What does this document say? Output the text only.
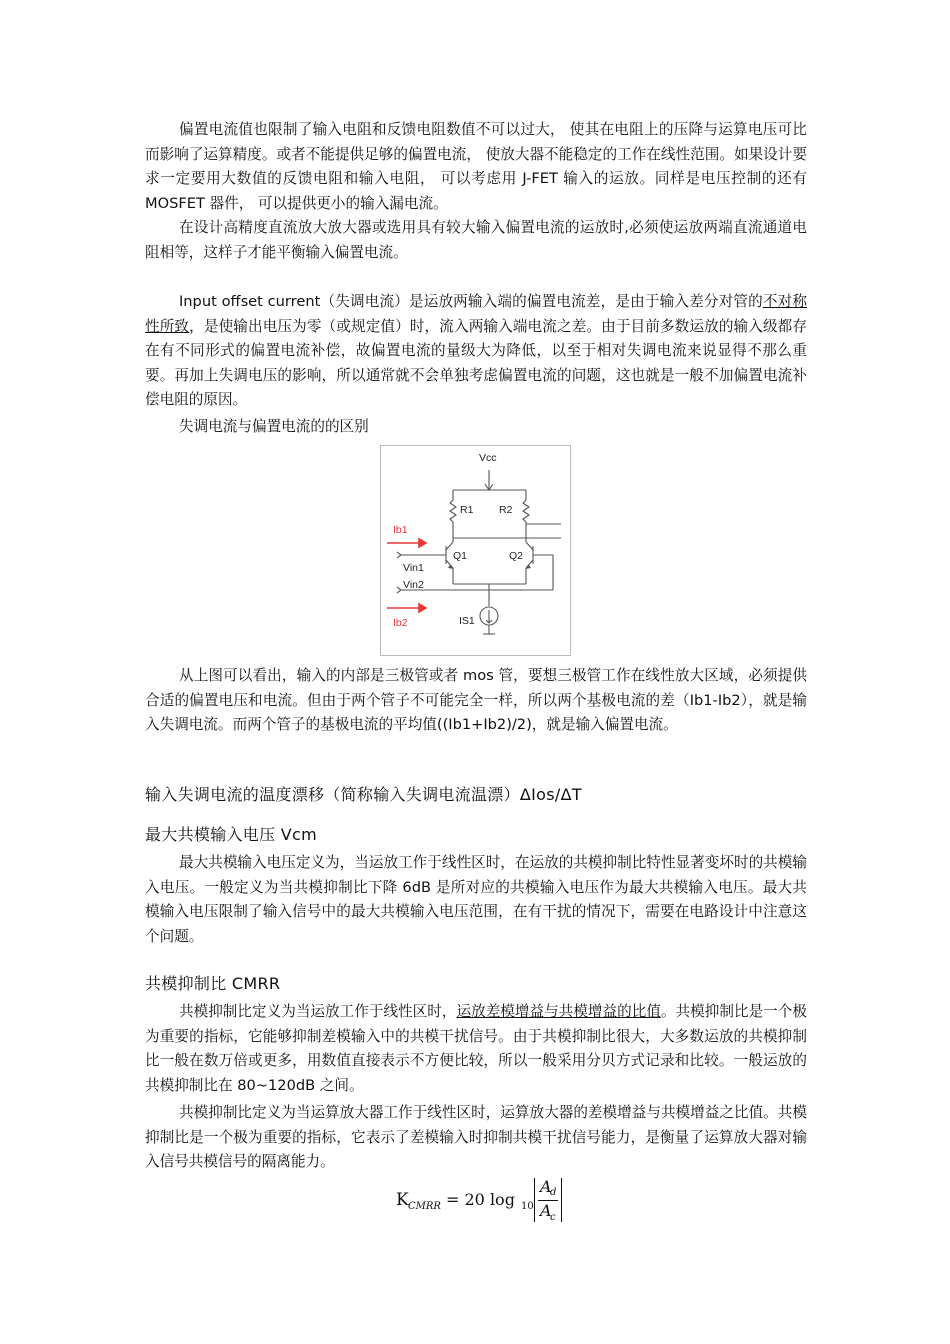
偏置电流值也限制了输入电阻和反馈电阻数值不可以过大， 使其在电阻上的压降与运算电压可比而影响了运算精度。或者不能提供足够的偏置电流， 使放大器不能稳定的工作在线性范围。如果设计要求一定要用大数值的反馈电阻和输入电阻， 可以考虑用 J-FET 输入的运放。同样是电压控制的还有 MOSFET 器件， 可以提供更小的输入漏电流。

在设计高精度直流放大放大器或选用具有较大输入偏置电流的运放时,必须使运放两端直流通道电阻相等，这样子才能平衡输入偏置电流。

Input offset current（失调电流）是运放两输入端的偏置电流差，是由于输入差分对管的不对称性所致，是使输出电压为零（或规定值）时，流入两输入端电流之差。由于目前多数运放的输入级都存在有不同形式的偏置电流补偿，故偏置电流的量级大为降低，以至于相对失调电流来说显得不那么重要。再加上失调电压的影响，所以通常就不会单独考虑偏置电流的问题，这也就是一般不加偏置电流补偿电阻的原因。

失调电流与偏置电流的的区别

Vcc
R1 R2
Q1	Q2
Vin1
Vin2
IS1
Ib1
Ib2

从上图可以看出，输入的内部是三极管或者 mos 管，要想三极管工作在线性放大区域，必须提供合适的偏置电压和电流。但由于两个管子不可能完全一样，所以两个基极电流的差（Ib1-Ib2），就是输入失调电流。而两个管子的基极电流的平均值((Ib1+Ib2)/2)，就是输入偏置电流。

输入失调电流的温度漂移（简称输入失调电流温漂）ΔIos/ΔT
最大共模输入电压 Vcm

最大共模输入电压定义为，当运放工作于线性区时，在运放的共模抑制比特性显著变坏时的共模输入电压。一般定义为当共模抑制比下降 6dB 是所对应的共模输入电压作为最大共模输入电压。最大共模输入电压限制了输入信号中的最大共模输入电压范围，在有干扰的情况下，需要在电路设计中注意这个问题。

共模抑制比 CMRR

共模抑制比定义为当运放工作于线性区时，运放差模增益与共模增益的比值。共模抑制比是一个极为重要的指标，它能够抑制差模输入中的共模干扰信号。由于共模抑制比很大，大多数运放的共模抑制比一般在数万倍或更多，用数值直接表示不方便比较，所以一般采用分贝方式记录和比较。一般运放的共模抑制比在 80~120dB 之间。

共模抑制比定义为当运算放大器工作于线性区时，运算放大器的差模增益与共模增益之比值。共模抑制比是一个极为重要的指标，它表示了差模输入时抑制共模干扰信号能力，是衡量了运算放大器对输入信号共模信号的隔离能力。

K CMRR = 20 log 10
A
d
A
c
